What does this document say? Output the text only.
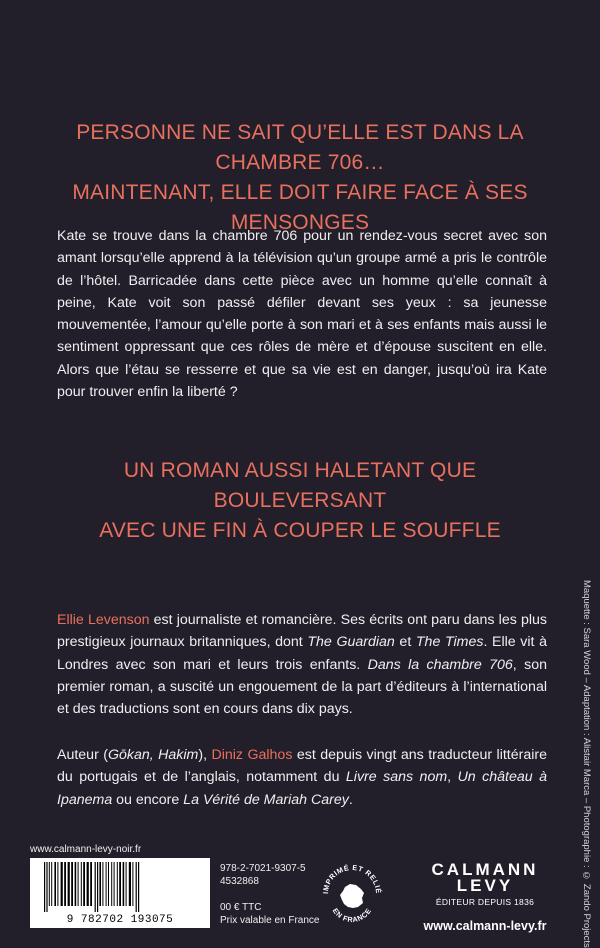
PERSONNE NE SAIT QU’ELLE EST DANS LA CHAMBRE 706…
MAINTENANT, ELLE DOIT FAIRE FACE À SES MENSONGES
Kate se trouve dans la chambre 706 pour un rendez-vous secret avec son amant lorsqu’elle apprend à la télévision qu’un groupe armé a pris le contrôle de l’hôtel. Barricadée dans cette pièce avec un homme qu’elle connaît à peine, Kate voit son passé défiler devant ses yeux : sa jeunesse mouvementée, l’amour qu’elle porte à son mari et à ses enfants mais aussi le sentiment oppressant que ces rôles de mère et d’épouse suscitent en elle. Alors que l’étau se resserre et que sa vie est en danger, jusqu’où ira Kate pour trouver enfin la liberté ?
UN ROMAN AUSSI HALETANT QUE BOULEVERSANT
AVEC UNE FIN À COUPER LE SOUFFLE
Ellie Levenson est journaliste et romancière. Ses écrits ont paru dans les plus prestigieux journaux britanniques, dont The Guardian et The Times. Elle vit à Londres avec son mari et leurs trois enfants. Dans la chambre 706, son premier roman, a suscité un engouement de la part d’éditeurs à l’international et des traductions sont en cours dans dix pays.
Auteur (Gōkan, Hakim), Diniz Galhos est depuis vingt ans traducteur littéraire du portugais et de l’anglais, notamment du Livre sans nom, Un château à Ipanema ou encore La Vérité de Mariah Carey.	Maquette : Sara Wood – Adaptation : Alistair Marca – Photographie : © Zando Projects
www.calmann-levy-noir.fr
9 782702 193075
978-2-7021-9307-5
4532868
00 € TTC
Prix valable en France
IMPRIMÉ ET RELIÉ
EN FRANCE
CALMANN
LEVY
ÉDITEUR DEPUIS 1836
www.calmann-levy.fr
